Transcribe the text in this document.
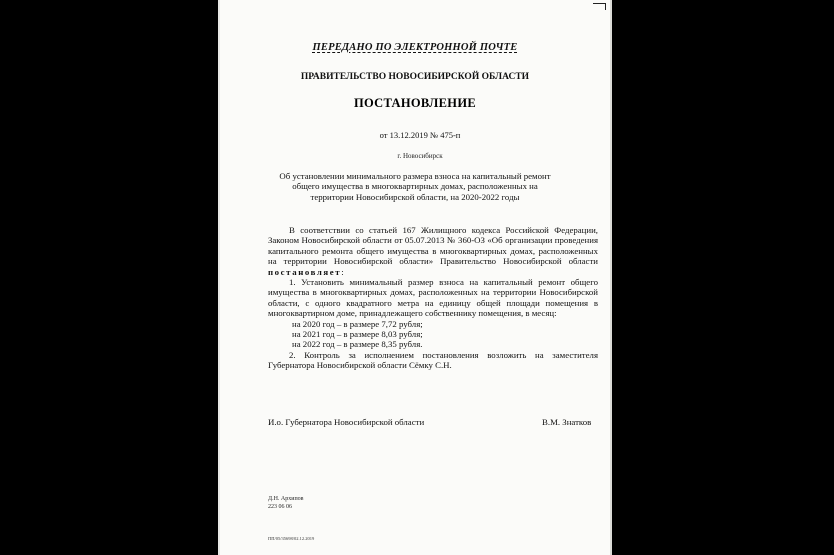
ПЕРЕДАНО ПО ЭЛЕКТРОННОЙ ПОЧТЕ
ПРАВИТЕЛЬСТВО НОВОСИБИРСКОЙ ОБЛАСТИ
ПОСТАНОВЛЕНИЕ
от 13.12.2019 № 475-п
г. Новосибирск
Об установлении минимального размера взноса на капитальный ремонт общего имущества в многоквартирных домах, расположенных на территории Новосибирской области, на 2020-2022 годы

В соответствии со статьей 167 Жилищного кодекса Российской Федерации, Законом Новосибирской области от 05.07.2013 № 360-ОЗ «Об организации проведения капитального ремонта общего имущества в многоквартирных домах, расположенных на территории Новосибирской области» Правительство Новосибирской области постановляет:

1. Установить минимальный размер взноса на капитальный ремонт общего имущества в многоквартирных домах, расположенных на территории Новосибирской области, с одного квадратного метра на единицу общей площади помещения в многоквартирном доме, принадлежащего собственнику помещения, в месяц:

на 2020 год – в размере 7,72 рубля;

на 2021 год – в размере 8,03 рубля;

на 2022 год – в размере 8,35 рубля.

2. Контроль за исполнением постановления возложить на заместителя Губернатора Новосибирской области Сёмку С.Н.

И.о. Губернатора Новосибирской области	В.М. Знатков
Д.Н. Архипов
223 06 06
ПП/05/35698/02.12.2019
